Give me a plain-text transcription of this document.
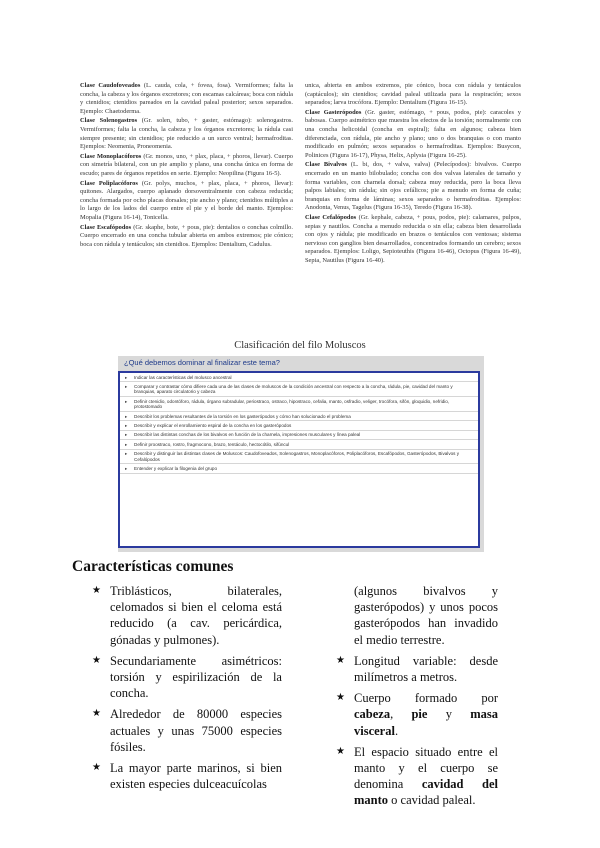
Clase Caudofoveados (L. cauda, cola, + fovea, fosa). Vermiformes; falta la concha, la cabeza y los órganos excretores; con escamas calcáreas; boca con rádula y ctenidios; ctenidios pareados en la cavidad paleal posterior; sexos separados. Ejemplo: Chaetoderma.

Clase Solenogastros (Gr. solen, tubo, + gaster, estómago): solenogastros. Vermiformes; falta la concha, la cabeza y los órganos excretores; la rádula casi siempre presente; sin ctenidios; pie reducido a un surco ventral; hermafroditas. Ejemplos: Neomenia, Proneomenia.

Clase Monoplacóforos (Gr. monos, uno, + plax, placa, + phoros, llevar). Cuerpo con simetría bilateral, con un pie amplio y plano, una concha única en forma de escudo; pares de órganos repetidos en serie. Ejemplo: Neopilina (Figura 16-5).

Clase Poliplacóforos (Gr. polys, muchos, + plax, placa, + phoros, llevar): quitones. Alargados, cuerpo aplanado dorsoventralmente con cabeza reducida; concha formada por ocho placas dorsales; pie ancho y plano; ctenidios múltiples a lo largo de los lados del cuerpo entre el pie y el borde del manto. Ejemplos: Mopalia (Figura 16-14), Tonicella.

Clase Escafópodos (Gr. skaphe, bote, + pous, pie): dentalios o conchas colmillo. Cuerpo encerrado en una concha tubular abierta en ambos extremos; pie cónico; boca con rádula y tentáculos; sin ctenidios. Ejemplos: Dentalium, Cadulus.

unica, abierta en ambos extremos, pie cónico, boca con rádula y tentáculos (captáculos); sin ctenidios; cavidad paleal utilizada para la respiración; sexos separados; larva trocófora. Ejemplo: Dentalium (Figura 16-15).

Clase Gasterópodos (Gr. gaster, estómago, + pous, podos, pie): caracoles y babosas. Cuerpo asimétrico que muestra los efectos de la torsión; normalmente con una concha helicoidal (concha en espiral); falta en algunos; cabeza bien diferenciada, con rádula, pie ancho y plano; uno o dos branquias o con manto modificado en pulmón; sexos separados o hermafroditas. Ejemplos: Busycon, Polinices (Figura 16-17), Physa, Helix, Aplysia (Figura 16-25).

Clase Bivalvos (L. bi, dos, + valva, valva) (Pelecípodos): bivalvos. Cuerpo encerrado en un manto bilobulado; concha con dos valvas laterales de tamaño y forma variables, con charnela dorsal; cabeza muy reducida, pero la boca lleva palpos labiales; sin rádula; sin ojos cefálicos; pie a menudo en forma de cuña; branquias en forma de láminas; sexos separados o hermafroditas. Ejemplos: Anodonta, Venus, Tagelus (Figura 16-35), Teredo (Figura 16-38).

Clase Cefalópodos (Gr. kephale, cabeza, + pous, podos, pie): calamares, pulpos, sepias y nautilos. Concha a menudo reducida o sin ella; cabeza bien desarrollada con ojos y rádula; pie modificado en brazos o tentáculos con ventosas; sistema nervioso con ganglios bien desarrollados, concentrados formando un cerebro; sexos separados. Ejemplos: Loligo, Sepioteuthis (Figura 16-46), Octopus (Figura 16-49), Sepia, Nautilus (Figura 16-40).

Clasificación del filo Moluscos
¿Qué debemos dominar al finalizar este tema?
▸ Indicar las características del molusco ancestral
▸ Comparar y contrastar cómo difiere cada una de las clases de moluscos de la condición ancestral con respecto a la concha, rádula, pie, cavidad del manto y branquias, aparato circulatorio y cabeza
▸ Definir ctenidio, odontóforo, rádula, órgano subradular, periostraco, ostraco, hipostraco, cefalia, manto, osfradio, veliger, trocófora, sifón, gloquidio, nefridio, protostomado
▸ Describir los problemas resultantes de la torsión en los gasterópodos y cómo han solucionado el problema
▸ Describir y explicar el enrollamiento espiral de la concha en los gasterópodos
▸ Describir las distintas conchas de los bivalvos en función de la charnela, impresiones musculares y línea paleal
▸ Definir proostraco, rostro, fragmocono, brazo, tentáculo, hectocótilo, sifúncul
▸ Describir y distinguir las distintas clases de Moluscos: Caudofoveados, Solenogastros, Monoplacóforos, Poliplacóforos, Escafópodos, Gasterópodos, Bivalvos y Cefalópodos
▸ Entender y explicar la filogenia del grupo
Características comunes
★ Triblásticos, bilaterales, celomados si bien el celoma está reducido (a cav. pericárdica, gónadas y pulmones).
★ Secundariamente asimétricos: torsión y espirilización de la concha.
★ Alrededor de 80000 especies actuales y unas 75000 especies fósiles.
★ La mayor parte marinos, si bien existen especies dulceacuícolas
(algunos bivalvos y gasterópodos) y unos pocos gasterópodos han invadido el medio terrestre.
★ Longitud variable: desde milímetros a metros.
★ Cuerpo formado por cabeza, pie y masa visceral.
★ El espacio situado entre el manto y el cuerpo se denomina cavidad del manto o cavidad paleal.
